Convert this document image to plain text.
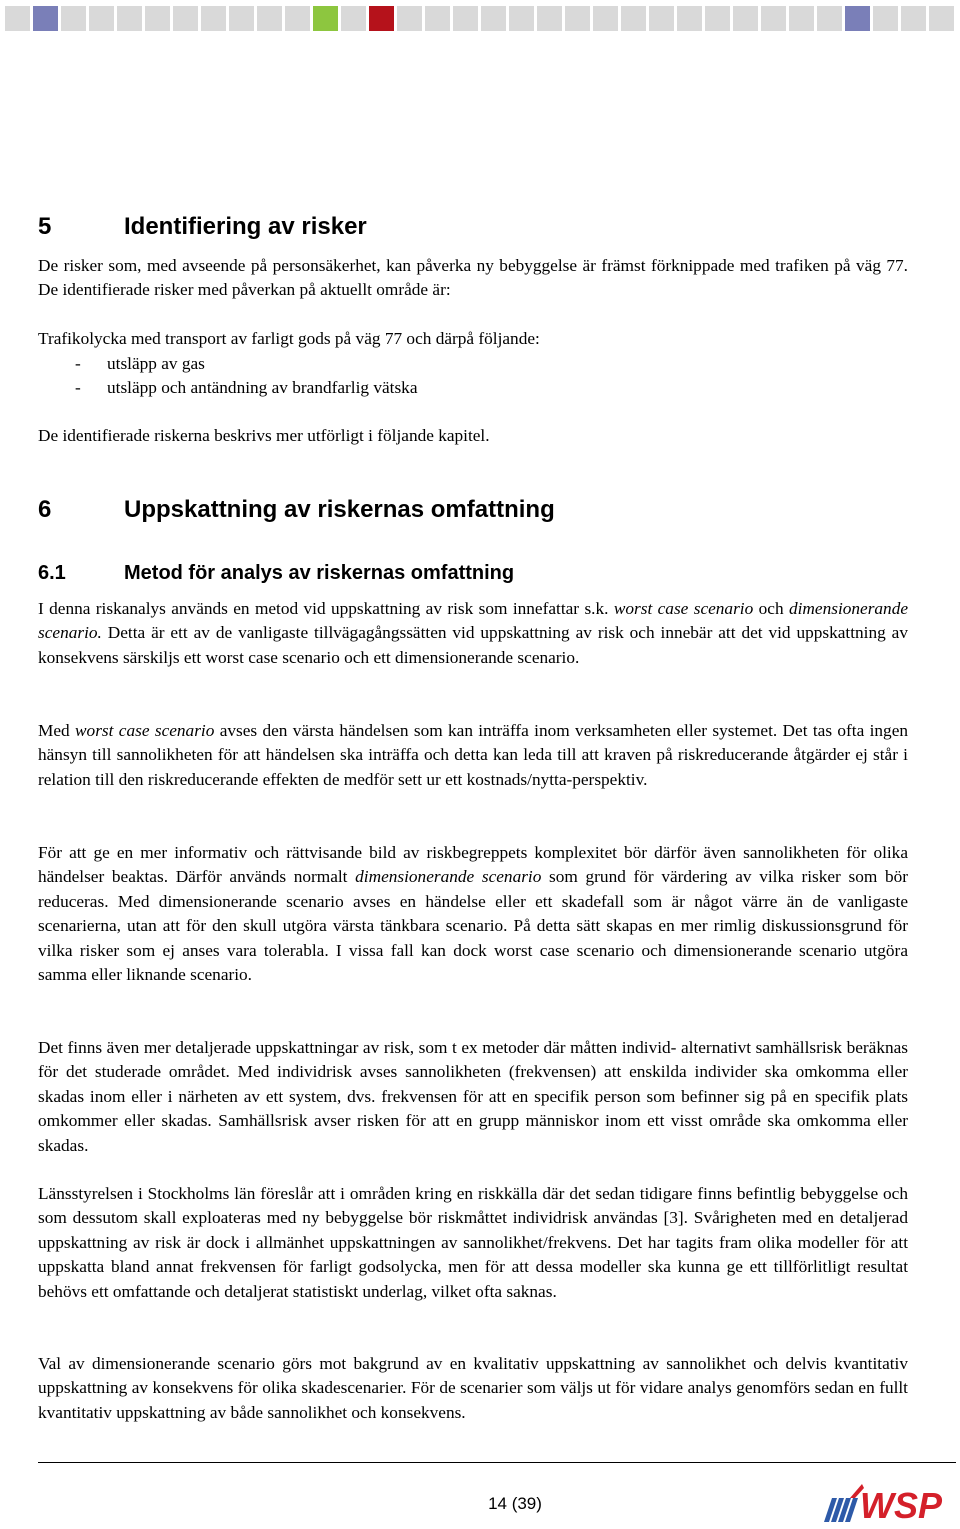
5	Identifiering av risker

De risker som, med avseende på personsäkerhet, kan påverka ny bebyggelse är främst förknippade med trafiken på väg 77. De identifierade risker med påverkan på aktuellt område är:

Trafikolycka med transport av farligt gods på väg 77 och därpå följande:

- utsläpp av gas
- utsläpp och antändning av brandfarlig vätska

De identifierade riskerna beskrivs mer utförligt i följande kapitel.

6	Uppskattning av riskernas omfattning
6.1	Metod för analys av riskernas omfattning

I denna riskanalys används en metod vid uppskattning av risk som innefattar s.k. worst case scenario och dimensionerande scenario. Detta är ett av de vanligaste tillvägagångssätten vid uppskattning av risk och innebär att det vid uppskattning av konsekvens särskiljs ett worst case scenario och ett dimensionerande scenario.

Med worst case scenario avses den värsta händelsen som kan inträffa inom verksamheten eller systemet. Det tas ofta ingen hänsyn till sannolikheten för att händelsen ska inträffa och detta kan leda till att kraven på riskreducerande åtgärder ej står i relation till den riskreducerande effekten de medför sett ur ett kostnads/nytta-perspektiv.

För att ge en mer informativ och rättvisande bild av riskbegreppets komplexitet bör därför även sannolikheten för olika händelser beaktas. Därför används normalt dimensionerande scenario som grund för värdering av vilka risker som bör reduceras. Med dimensionerande scenario avses en händelse eller ett skadefall som är något värre än de vanligaste scenarierna, utan att för den skull utgöra värsta tänkbara scenario. På detta sätt skapas en mer rimlig diskussionsgrund för vilka risker som ej anses vara tolerabla. I vissa fall kan dock worst case scenario och dimensionerande scenario utgöra samma eller liknande scenario.

Det finns även mer detaljerade uppskattningar av risk, som t ex metoder där måtten individ- alternativt samhällsrisk beräknas för det studerade området. Med individrisk avses sannolikheten (frekvensen) att enskilda individer ska omkomma eller skadas inom eller i närheten av ett system, dvs. frekvensen för att en specifik person som befinner sig på en specifik plats omkommer eller skadas. Samhällsrisk avser risken för att en grupp människor inom ett visst område ska omkomma eller skadas.

Länsstyrelsen i Stockholms län föreslår att i områden kring en riskkälla där det sedan tidigare finns befintlig bebyggelse och som dessutom skall exploateras med ny bebyggelse bör riskmåttet individrisk användas [3]. Svårigheten med en detaljerad uppskattning av risk är dock i allmänhet uppskattningen av sannolikhet/frekvens. Det har tagits fram olika modeller för att uppskatta bland annat frekvensen för farligt godsolycka, men för att dessa modeller ska kunna ge ett tillförlitligt resultat behövs ett omfattande och detaljerat statistiskt underlag, vilket ofta saknas.

Val av dimensionerande scenario görs mot bakgrund av en kvalitativ uppskattning av sannolikhet och delvis kvantitativ uppskattning av konsekvens för olika skadescenarier. För de scenarier som väljs ut för vidare analys genomförs sedan en fullt kvantitativ uppskattning av både sannolikhet och konsekvens.

14 (39)	WSP
